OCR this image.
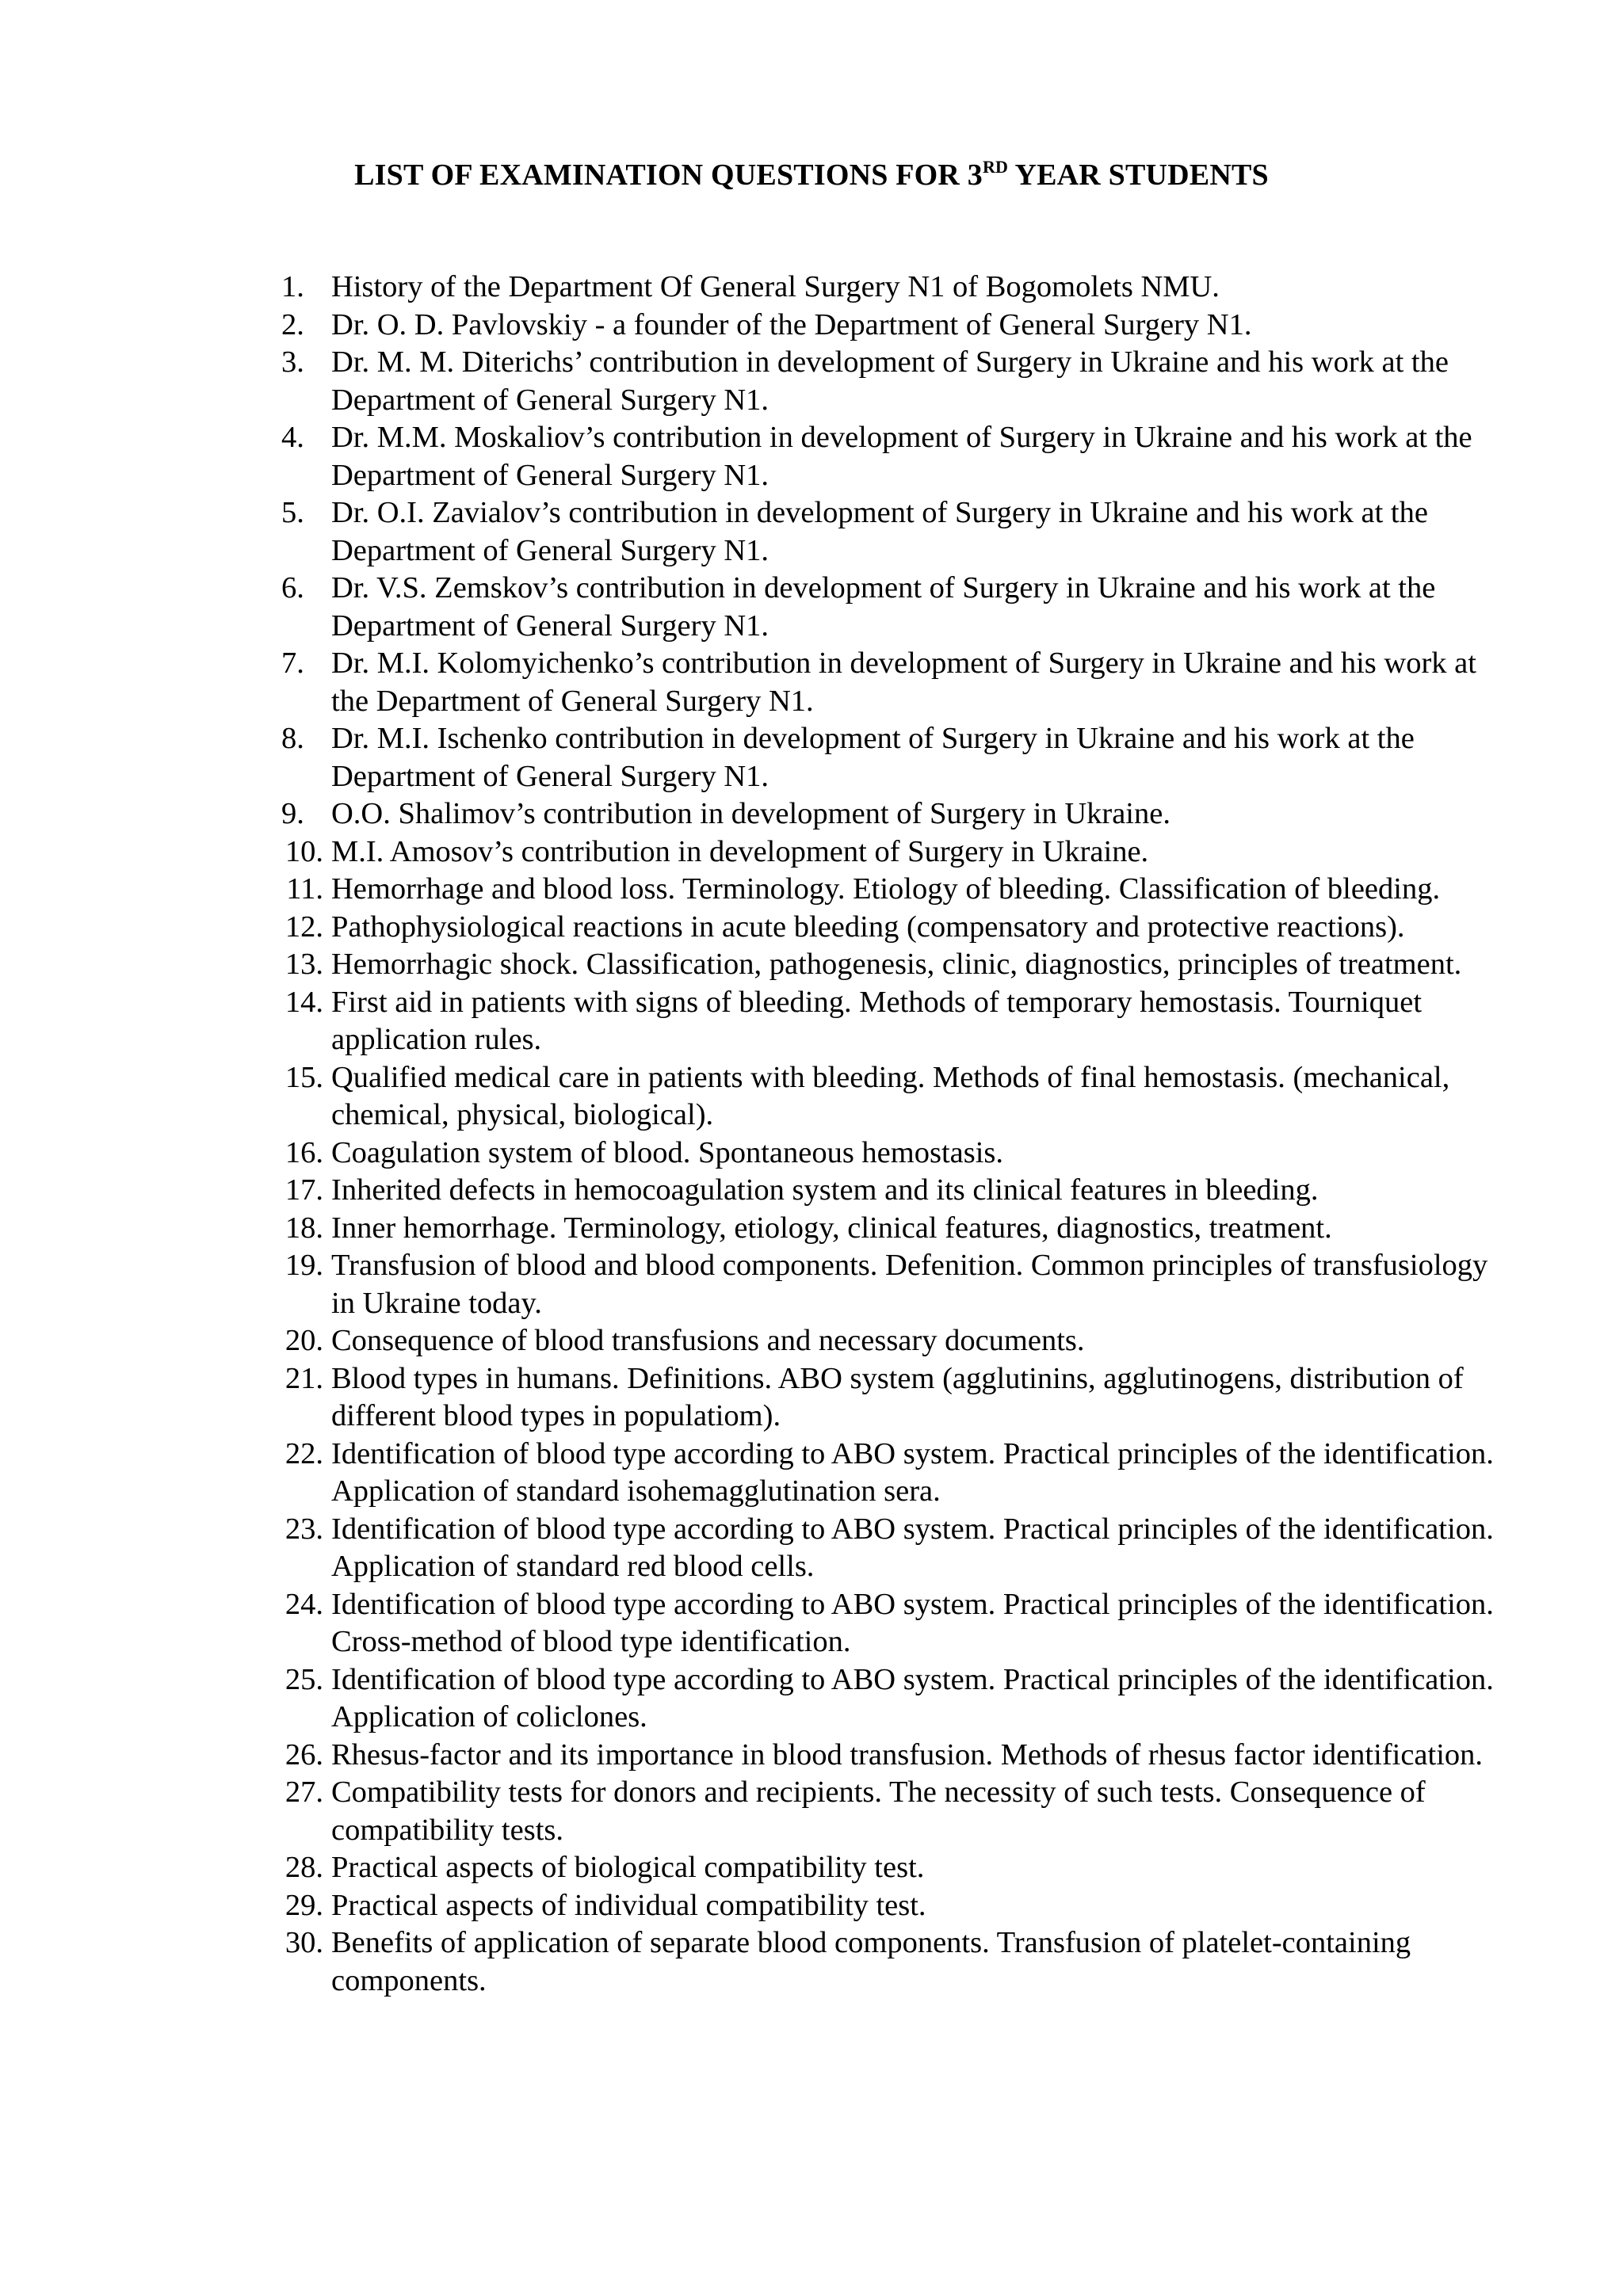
LIST OF EXAMINATION QUESTIONS FOR 3RD YEAR STUDENTS
1. History of the Department Of General Surgery N1 of Bogomolets NMU.
2. Dr. O. D. Pavlovskiy - a founder of the Department of General Surgery N1.
3. Dr. M. M. Diterichs’ contribution in development of Surgery in Ukraine and his work at the Department of General Surgery N1.
4. Dr. M.M. Moskaliov’s contribution in development of Surgery in Ukraine and his work at the Department of General Surgery N1.
5. Dr. O.I. Zavialov’s contribution in development of Surgery in Ukraine and his work at the Department of General Surgery N1.
6. Dr. V.S. Zemskov’s contribution in development of Surgery in Ukraine and his work at the Department of General Surgery N1.
7. Dr. M.I. Kolomyichenko’s contribution in development of Surgery in Ukraine and his work at the Department of General Surgery N1.
8. Dr. M.I. Ischenko contribution in development of Surgery in Ukraine and his work at the Department of General Surgery N1.
9. O.O. Shalimov’s contribution in development of Surgery in Ukraine.
10. M.I. Amosov’s contribution in development of Surgery in Ukraine.
11. Hemorrhage and blood loss. Terminology. Etiology of bleeding. Classification of bleeding.
12. Pathophysiological reactions in acute bleeding (compensatory and protective reactions).
13. Hemorrhagic shock. Classification, pathogenesis, clinic, diagnostics, principles of treatment.
14. First aid in patients with signs of bleeding. Methods of temporary hemostasis. Tourniquet application rules.
15. Qualified medical care in patients with bleeding. Methods of final hemostasis. (mechanical, chemical, physical, biological).
16. Coagulation system of blood. Spontaneous hemostasis.
17. Inherited defects in hemocoagulation system and its clinical features in bleeding.
18. Inner hemorrhage. Terminology, etiology, clinical features, diagnostics, treatment.
19. Transfusion of blood and blood components. Defenition. Common principles of transfusiology in Ukraine today.
20. Consequence of blood transfusions and necessary documents.
21. Blood types in humans. Definitions. ABO system (agglutinins, agglutinogens, distribution of different blood types in populatiom).
22. Identification of blood type according to ABO system. Practical principles of the identification. Application of standard isohemagglutination sera.
23. Identification of blood type according to ABO system. Practical principles of the identification. Application of standard red blood cells.
24. Identification of blood type according to ABO system. Practical principles of the identification. Cross-method of blood type identification.
25. Identification of blood type according to ABO system. Practical principles of the identification. Application of coliclones.
26. Rhesus-factor and its importance in blood transfusion. Methods of rhesus factor identification.
27. Compatibility tests for donors and recipients. The necessity of such tests. Consequence of compatibility tests.
28. Practical aspects of biological compatibility test.
29. Practical aspects of individual compatibility test.
30. Benefits of application of separate blood components. Transfusion of platelet-containing components.
